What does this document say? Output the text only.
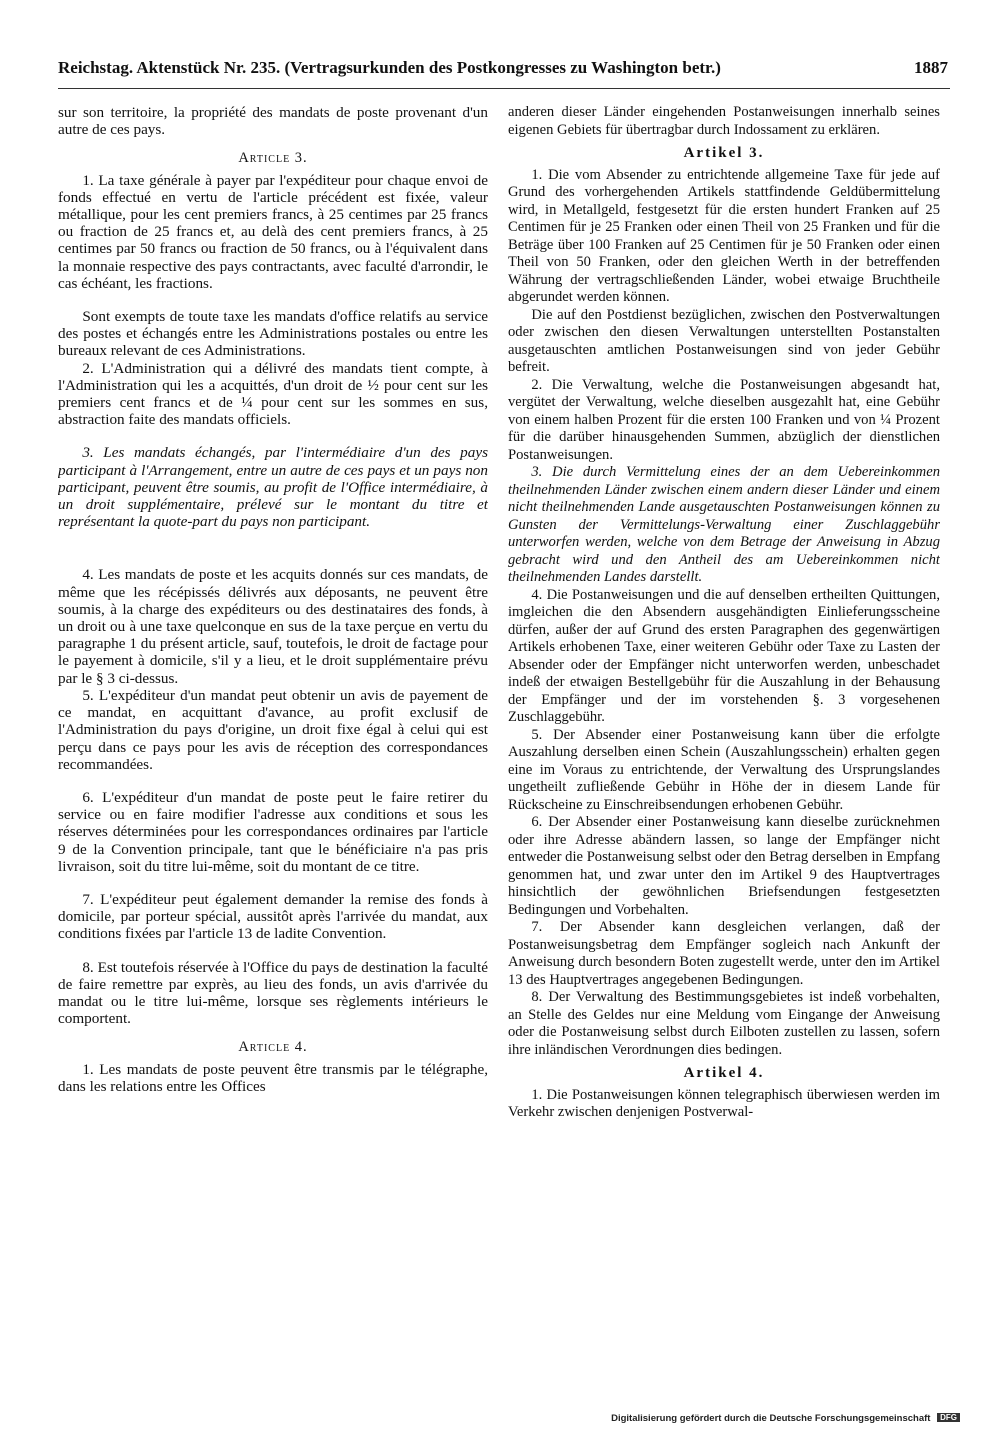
Reichstag. Aktenstück Nr. 235. (Vertragsurkunden des Postkongresses zu Washington betr.)	1887

sur son territoire, la propriété des mandats de poste provenant d'un autre de ces pays.

Article 3.

1. La taxe générale à payer par l'expéditeur pour chaque envoi de fonds effectué en vertu de l'article précédent est fixée, valeur métallique, pour les cent premiers francs, à 25 centimes par 25 francs ou fraction de 25 francs et, au delà des cent premiers francs, à 25 centimes par 50 francs ou fraction de 50 francs, ou à l'équivalent dans la monnaie respective des pays contractants, avec faculté d'arrondir, le cas échéant, les fractions.

Sont exempts de toute taxe les mandats d'office relatifs au service des postes et échangés entre les Administrations postales ou entre les bureaux relevant de ces Administrations.

2. L'Administration qui a délivré des mandats tient compte, à l'Administration qui les a acquittés, d'un droit de ½ pour cent sur les premiers cent francs et de ¼ pour cent sur les sommes en sus, abstraction faite des mandats officiels.

3. Les mandats échangés, par l'intermédiaire d'un des pays participant à l'Arrangement, entre un autre de ces pays et un pays non participant, peuvent être soumis, au profit de l'Office intermédiaire, à un droit supplémentaire, prélevé sur le montant du titre et représentant la quote-part du pays non participant.

4. Les mandats de poste et les acquits donnés sur ces mandats, de même que les récépissés délivrés aux déposants, ne peuvent être soumis, à la charge des expéditeurs ou des destinataires des fonds, à un droit ou à une taxe quelconque en sus de la taxe perçue en vertu du paragraphe 1 du présent article, sauf, toutefois, le droit de factage pour le payement à domicile, s'il y a lieu, et le droit supplémentaire prévu par le § 3 ci-dessus.

5. L'expéditeur d'un mandat peut obtenir un avis de payement de ce mandat, en acquittant d'avance, au profit exclusif de l'Administration du pays d'origine, un droit fixe égal à celui qui est perçu dans ce pays pour les avis de réception des correspondances recommandées.

6. L'expéditeur d'un mandat de poste peut le faire retirer du service ou en faire modifier l'adresse aux conditions et sous les réserves déterminées pour les correspondances ordinaires par l'article 9 de la Convention principale, tant que le bénéficiaire n'a pas pris livraison, soit du titre lui-même, soit du montant de ce titre.

7. L'expéditeur peut également demander la remise des fonds à domicile, par porteur spécial, aussitôt après l'arrivée du mandat, aux conditions fixées par l'article 13 de ladite Convention.

8. Est toutefois réservée à l'Office du pays de destination la faculté de faire remettre par exprès, au lieu des fonds, un avis d'arrivée du mandat ou le titre lui-même, lorsque ses règlements intérieurs le comportent.

Article 4.

1. Les mandats de poste peuvent être transmis par le télégraphe, dans les relations entre les Offices

anderen dieser Länder eingehenden Postanweisungen innerhalb seines eigenen Gebiets für übertragbar durch Indossament zu erklären.

Artikel 3.

1. Die vom Absender zu entrichtende allgemeine Taxe für jede auf Grund des vorhergehenden Artikels stattfindende Geldübermittelung wird, in Metallgeld, festgesetzt für die ersten hundert Franken auf 25 Centimen für je 25 Franken oder einen Theil von 25 Franken und für die Beträge über 100 Franken auf 25 Centimen für je 50 Franken oder einen Theil von 50 Franken, oder den gleichen Werth in der betreffenden Währung der vertragschließenden Länder, wobei etwaige Bruchtheile abgerundet werden können.

Die auf den Postdienst bezüglichen, zwischen den Postverwaltungen oder zwischen den diesen Verwaltungen unterstellten Postanstalten ausgetauschten amtlichen Postanweisungen sind von jeder Gebühr befreit.

2. Die Verwaltung, welche die Postanweisungen abgesandt hat, vergütet der Verwaltung, welche dieselben ausgezahlt hat, eine Gebühr von einem halben Prozent für die ersten 100 Franken und von ¼ Prozent für die darüber hinausgehenden Summen, abzüglich der dienstlichen Postanweisungen.

3. Die durch Vermittelung eines der an dem Uebereinkommen theilnehmenden Länder zwischen einem andern dieser Länder und einem nicht theilnehmenden Lande ausgetauschten Postanweisungen können zu Gunsten der Vermittelungs-Verwaltung einer Zuschlaggebühr unterworfen werden, welche von dem Betrage der Anweisung in Abzug gebracht wird und den Antheil des am Uebereinkommen nicht theilnehmenden Landes darstellt.

4. Die Postanweisungen und die auf denselben ertheilten Quittungen, imgleichen die den Absendern ausgehändigten Einlieferungsscheine dürfen, außer der auf Grund des ersten Paragraphen des gegenwärtigen Artikels erhobenen Taxe, einer weiteren Gebühr oder Taxe zu Lasten der Absender oder der Empfänger nicht unterworfen werden, unbeschadet indeß der etwaigen Bestellgebühr für die Auszahlung in der Behausung der Empfänger und der im vorstehenden §. 3 vorgesehenen Zuschlaggebühr.

5. Der Absender einer Postanweisung kann über die erfolgte Auszahlung derselben einen Schein (Auszahlungsschein) erhalten gegen eine im Voraus zu entrichtende, der Verwaltung des Ursprungslandes ungetheilt zufließende Gebühr in Höhe der in diesem Lande für Rückscheine zu Einschreibsendungen erhobenen Gebühr.

6. Der Absender einer Postanweisung kann dieselbe zurücknehmen oder ihre Adresse abändern lassen, so lange der Empfänger nicht entweder die Postanweisung selbst oder den Betrag derselben in Empfang genommen hat, und zwar unter den im Artikel 9 des Hauptvertrages hinsichtlich der gewöhnlichen Briefsendungen festgesetzten Bedingungen und Vorbehalten.

7. Der Absender kann desgleichen verlangen, daß der Postanweisungsbetrag dem Empfänger sogleich nach Ankunft der Anweisung durch besondern Boten zugestellt werde, unter den im Artikel 13 des Hauptvertrages angegebenen Bedingungen.

8. Der Verwaltung des Bestimmungsgebietes ist indeß vorbehalten, an Stelle des Geldes nur eine Meldung vom Eingange der Anweisung oder die Postanweisung selbst durch Eilboten zustellen zu lassen, sofern ihre inländischen Verordnungen dies bedingen.

Artikel 4.

1. Die Postanweisungen können telegraphisch überwiesen werden im Verkehr zwischen denjenigen Postverwal-

Digitalisierung gefördert durch die Deutsche Forschungsgemeinschaft DFG
